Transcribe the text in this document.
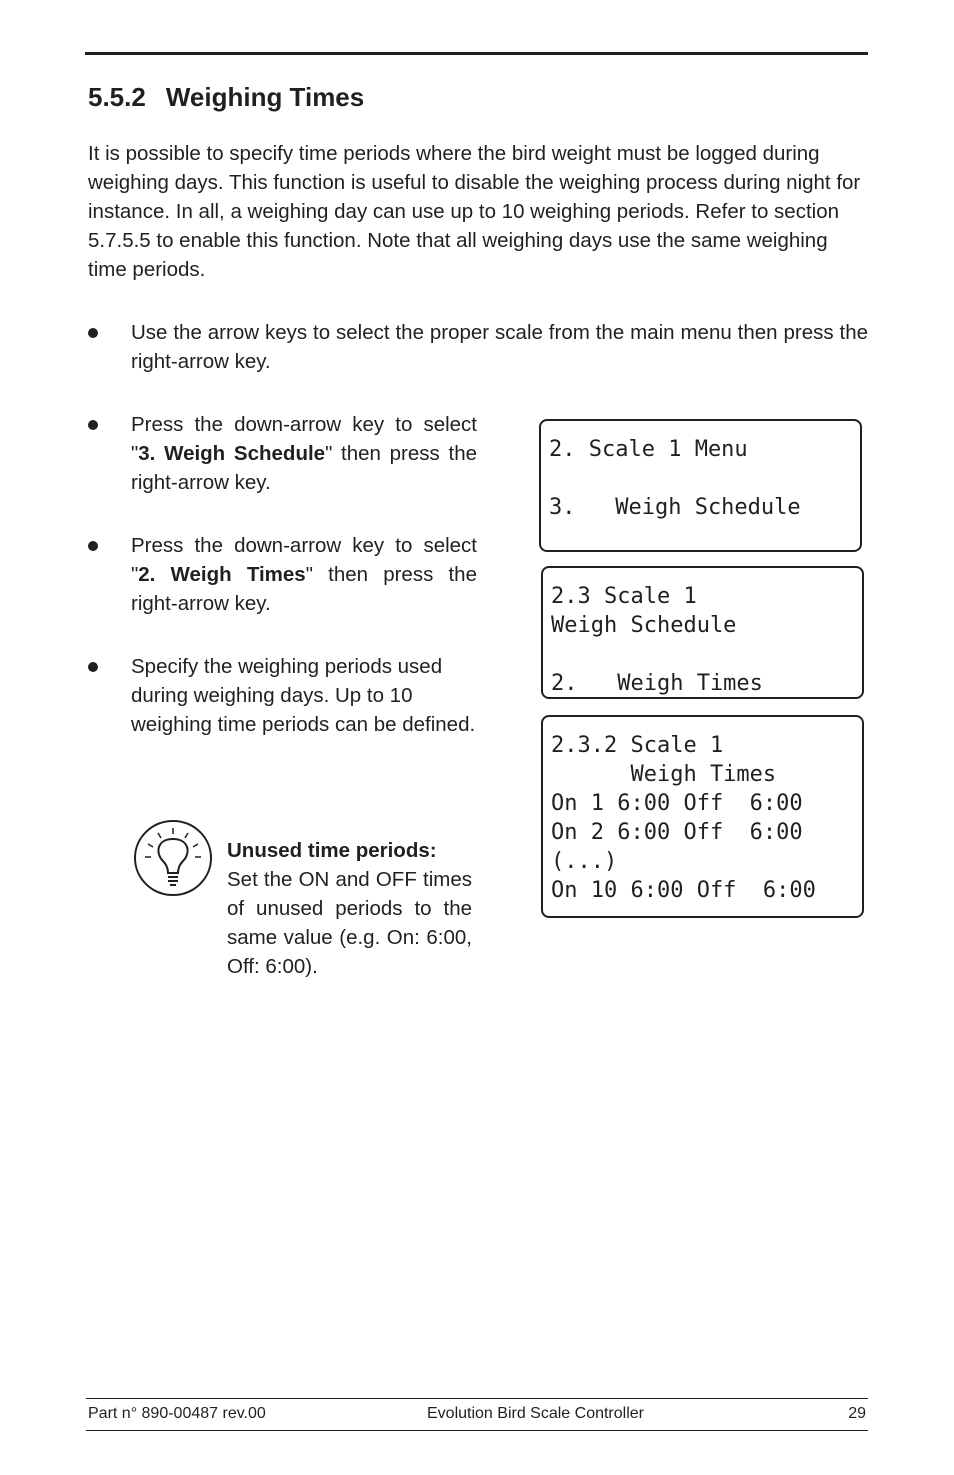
5.5.2 Weighing Times

It is possible to specify time periods where the bird weight must be logged during weighing days. This function is useful to disable the weighing process during night for instance. In all, a weighing day can use up to 10 weighing periods. Refer to section 5.7.5.5 to enable this function. Note that all weighing days use the same weighing time periods.

Use the arrow keys to select the proper scale from the main menu then press the right-arrow key.
Press the down-arrow key to select "3. Weigh Schedule" then press the right-arrow key.
Press the down-arrow key to select "2. Weigh Times" then press the right-arrow key.
Specify the weighing periods used during weighing days. Up to 10 weighing time periods can be defined.
2. Scale 1 Menu

3.   Weigh Schedule
2.3 Scale 1
Weigh Schedule

2.   Weigh Times
2.3.2 Scale 1
Weigh Times
On 1 6:00 Off  6:00
On 2 6:00 Off  6:00
(...)
On 10 6:00 Off  6:00
Unused time periods:
Set the ON and OFF times of unused periods to the same value (e.g. On: 6:00, Off: 6:00).
Part n° 890-00487 rev.00	Evolution Bird Scale Controller	29
